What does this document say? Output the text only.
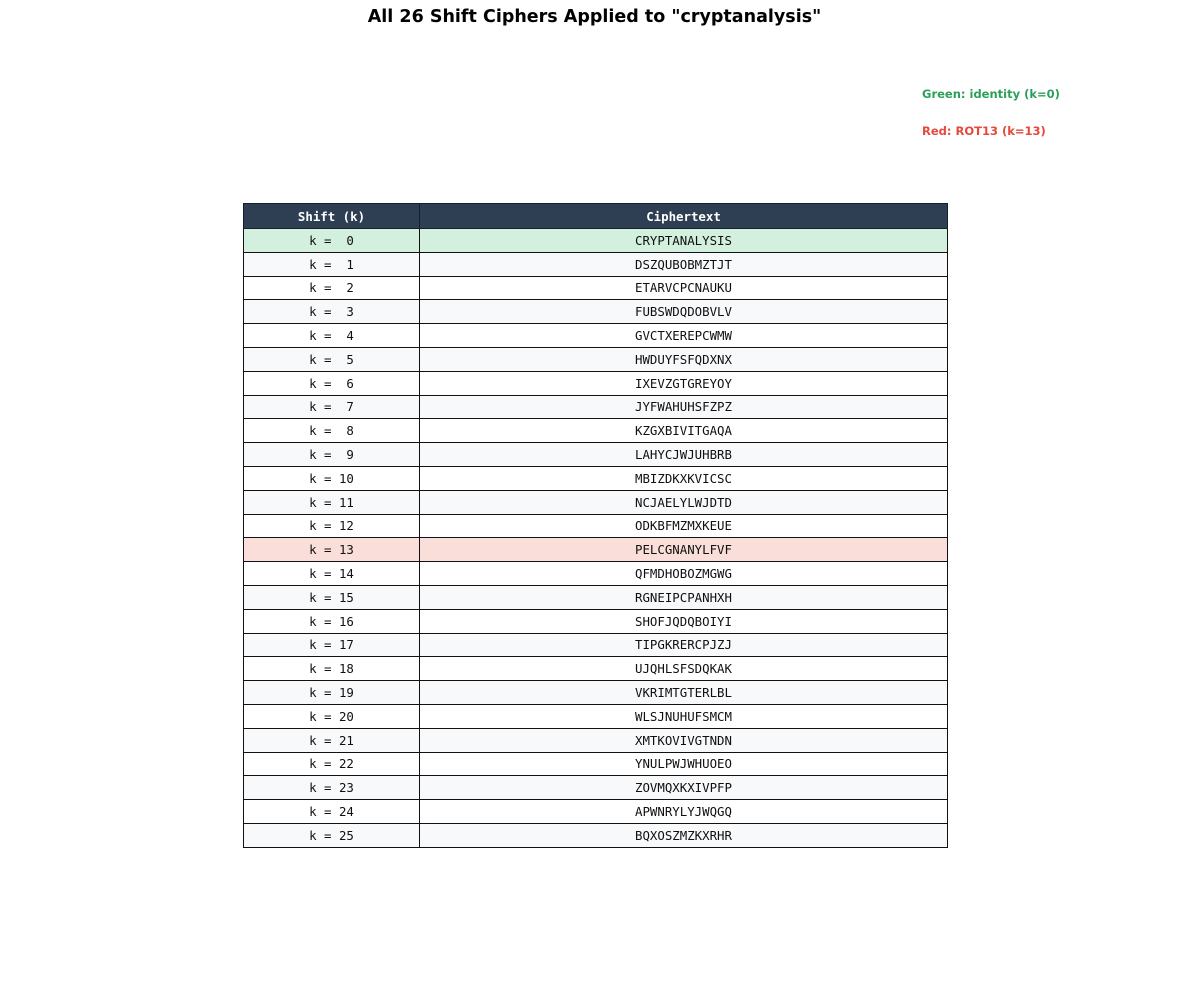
All 26 Shift Ciphers Applied to "cryptanalysis"
Green: identity (k=0)
Red: ROT13 (k=13)
Shift (k)	Ciphertext
k =  0	CRYPTANALYSIS
k =  1	DSZQUBOBMZTJT
k =  2	ETARVCPCNAUKU
k =  3	FUBSWDQDOBVLV
k =  4	GVCTXEREPCWMW
k =  5	HWDUYFSFQDXNX
k =  6	IXEVZGTGREYOY
k =  7	JYFWAHUHSFZPZ
k =  8	KZGXBIVITGAQA
k =  9	LAHYCJWJUHBRB
k = 10	MBIZDKXKVICSC
k = 11	NCJAELYLWJDTD
k = 12	ODKBFMZMXKEUE
k = 13	PELCGNANYLFVF
k = 14	QFMDHOBOZMGWG
k = 15	RGNEIPCPANHXH
k = 16	SHOFJQDQBOIYI
k = 17	TIPGKRERCPJZJ
k = 18	UJQHLSFSDQKAK
k = 19	VKRIMTGTERLBL
k = 20	WLSJNUHUFSMCM
k = 21	XMTKOVIVGTNDN
k = 22	YNULPWJWHUOEO
k = 23	ZOVMQXKXIVPFP
k = 24	APWNRYLYJWQGQ
k = 25	BQXOSZMZKXRHR
